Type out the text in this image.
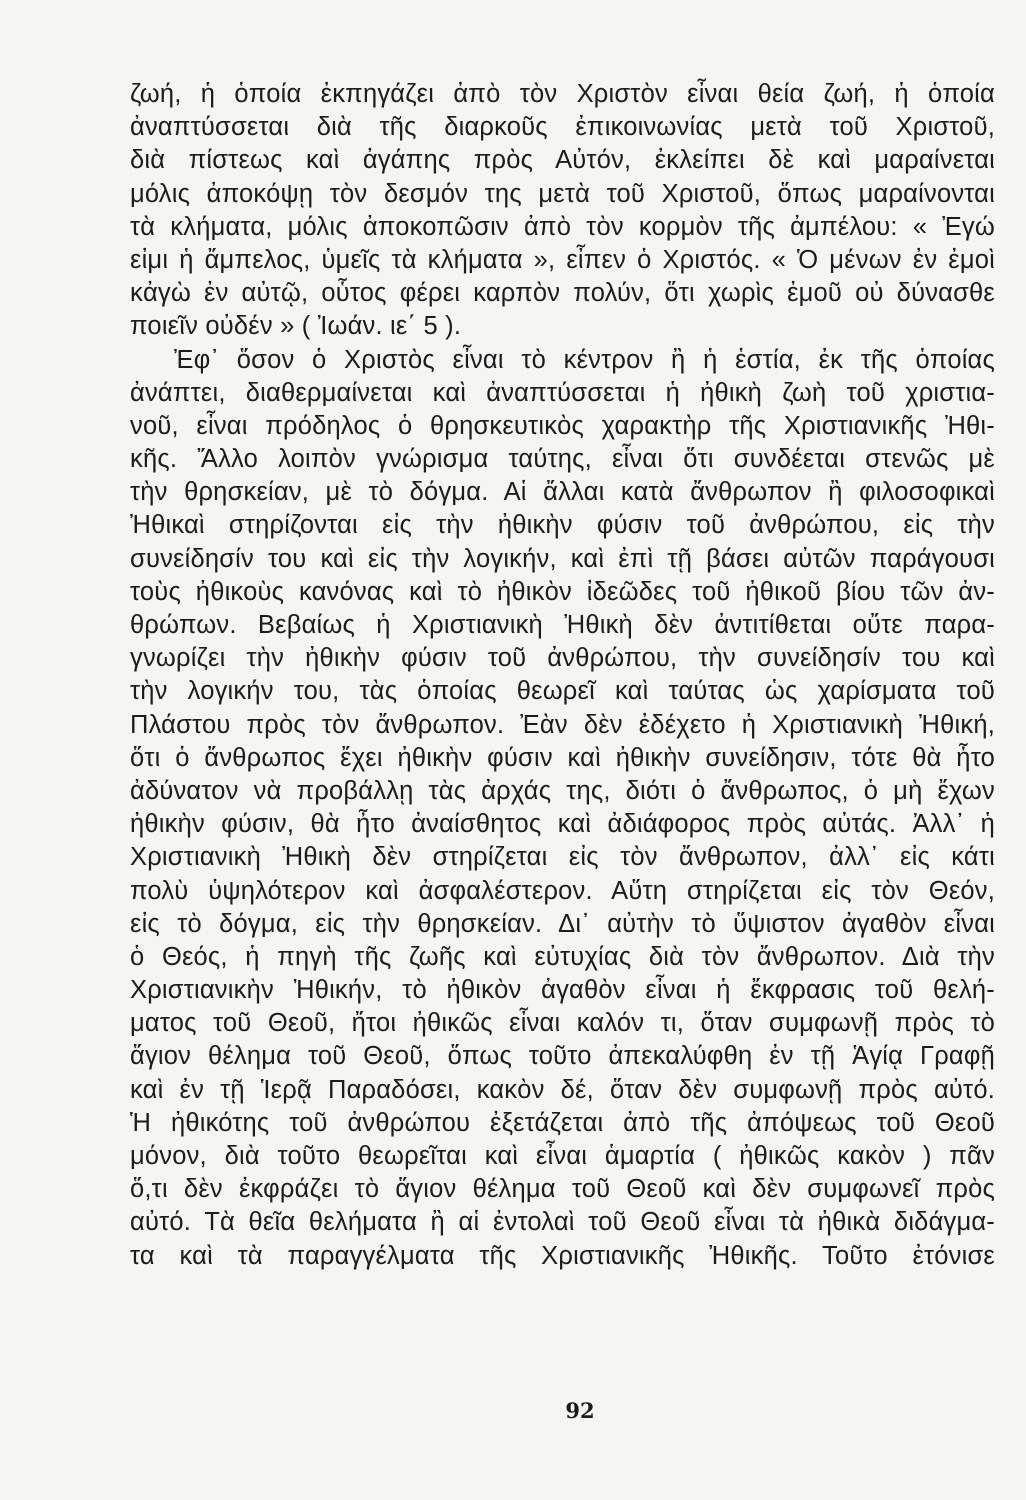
ζωή, ἡ ὁποία ἐκπηγάζει ἀπὸ τὸν Χριστὸν εἶναι θεία ζωή, ἡ ὁποία
ἀναπτύσσεται διὰ τῆς διαρκοῦς ἐπικοινωνίας μετὰ τοῦ Χριστοῦ,
διὰ πίστεως καὶ ἀγάπης πρὸς Αὐτόν, ἐκλείπει δὲ καὶ μαραίνεται
μόλις ἀποκόψῃ τὸν δεσμόν της μετὰ τοῦ Χριστοῦ, ὅπως μαραίνονται
τὰ κλήματα, μόλις ἀποκοπῶσιν ἀπὸ τὸν κορμὸν τῆς ἀμπέλου: « Ἐγώ
εἰμι ἡ ἄμπελος, ὑμεῖς τὰ κλήματα », εἶπεν ὁ Χριστός. « Ὁ μένων ἐν ἐμοὶ
κἀγὼ ἐν αὐτῷ, οὗτος φέρει καρπὸν πολύν, ὅτι χωρὶς ἐμοῦ οὐ δύνασθε
ποιεῖν οὐδέν » ( Ἰωάν. ιε΄ 5 ).
Ἐφ᾽ ὅσον ὁ Χριστὸς εἶναι τὸ κέντρον ἢ ἡ ἑστία, ἐκ τῆς ὁποίας
ἀνάπτει, διαθερμαίνεται καὶ ἀναπτύσσεται ἡ ἠθικὴ ζωὴ τοῦ χριστια-
νοῦ, εἶναι πρόδηλος ὁ θρησκευτικὸς χαρακτὴρ τῆς Χριστιανικῆς Ἠθι-
κῆς. Ἄλλο λοιπὸν γνώρισμα ταύτης, εἶναι ὅτι συνδέεται στενῶς μὲ
τὴν θρησκείαν, μὲ τὸ δόγμα. Αἱ ἄλλαι κατὰ ἄνθρωπον ἢ φιλοσοφικαὶ
Ἠθικαὶ στηρίζονται εἰς τὴν ἠθικὴν φύσιν τοῦ ἀνθρώπου, εἰς τὴν
συνείδησίν του καὶ εἰς τὴν λογικήν, καὶ ἐπὶ τῇ βάσει αὐτῶν παράγουσι
τοὺς ἠθικοὺς κανόνας καὶ τὸ ἠθικὸν ἰδεῶδες τοῦ ἠθικοῦ βίου τῶν ἀν-
θρώπων. Βεβαίως ἡ Χριστιανικὴ Ἠθικὴ δὲν ἀντιτίθεται οὔτε παρα-
γνωρίζει τὴν ἠθικὴν φύσιν τοῦ ἀνθρώπου, τὴν συνείδησίν του καὶ
τὴν λογικήν του, τὰς ὁποίας θεωρεῖ καὶ ταύτας ὡς χαρίσματα τοῦ
Πλάστου πρὸς τὸν ἄνθρωπον. Ἐὰν δὲν ἐδέχετο ἡ Χριστιανικὴ Ἠθική,
ὅτι ὁ ἄνθρωπος ἔχει ἠθικὴν φύσιν καὶ ἠθικὴν συνείδησιν, τότε θὰ ἦτο
ἀδύνατον νὰ προβάλλῃ τὰς ἀρχάς της, διότι ὁ ἄνθρωπος, ὁ μὴ ἔχων
ἠθικὴν φύσιν, θὰ ἦτο ἀναίσθητος καὶ ἀδιάφορος πρὸς αὐτάς. Ἀλλ᾽ ἡ
Χριστιανικὴ Ἠθικὴ δὲν στηρίζεται εἰς τὸν ἄνθρωπον, ἀλλ᾽ εἰς κάτι
πολὺ ὑψηλότερον καὶ ἀσφαλέστερον. Αὕτη στηρίζεται εἰς τὸν Θεόν,
εἰς τὸ δόγμα, εἰς τὴν θρησκείαν. Δι᾽ αὐτὴν τὸ ὕψιστον ἀγαθὸν εἶναι
ὁ Θεός, ἡ πηγὴ τῆς ζωῆς καὶ εὐτυχίας διὰ τὸν ἄνθρωπον. Διὰ τὴν
Χριστιανικὴν Ἠθικήν, τὸ ἠθικὸν ἀγαθὸν εἶναι ἡ ἔκφρασις τοῦ θελή-
ματος τοῦ Θεοῦ, ἤτοι ἠθικῶς εἶναι καλόν τι, ὅταν συμφωνῇ πρὸς τὸ
ἅγιον θέλημα τοῦ Θεοῦ, ὅπως τοῦτο ἀπεκαλύφθη ἐν τῇ Ἁγίᾳ Γραφῇ
καὶ ἐν τῇ Ἱερᾷ Παραδόσει, κακὸν δέ, ὅταν δὲν συμφωνῇ πρὸς αὐτό.
Ἡ ἠθικότης τοῦ ἀνθρώπου ἐξετάζεται ἀπὸ τῆς ἀπόψεως τοῦ Θεοῦ
μόνον, διὰ τοῦτο θεωρεῖται καὶ εἶναι ἁμαρτία ( ἠθικῶς κακὸν ) πᾶν
ὅ,τι δὲν ἐκφράζει τὸ ἅγιον θέλημα τοῦ Θεοῦ καὶ δὲν συμφωνεῖ πρὸς
αὐτό. Τὰ θεῖα θελήματα ἢ αἱ ἐντολαὶ τοῦ Θεοῦ εἶναι τὰ ἠθικὰ διδάγμα-
τα καὶ τὰ παραγγέλματα τῆς Χριστιανικῆς Ἠθικῆς. Τοῦτο ἐτόνισε
92
